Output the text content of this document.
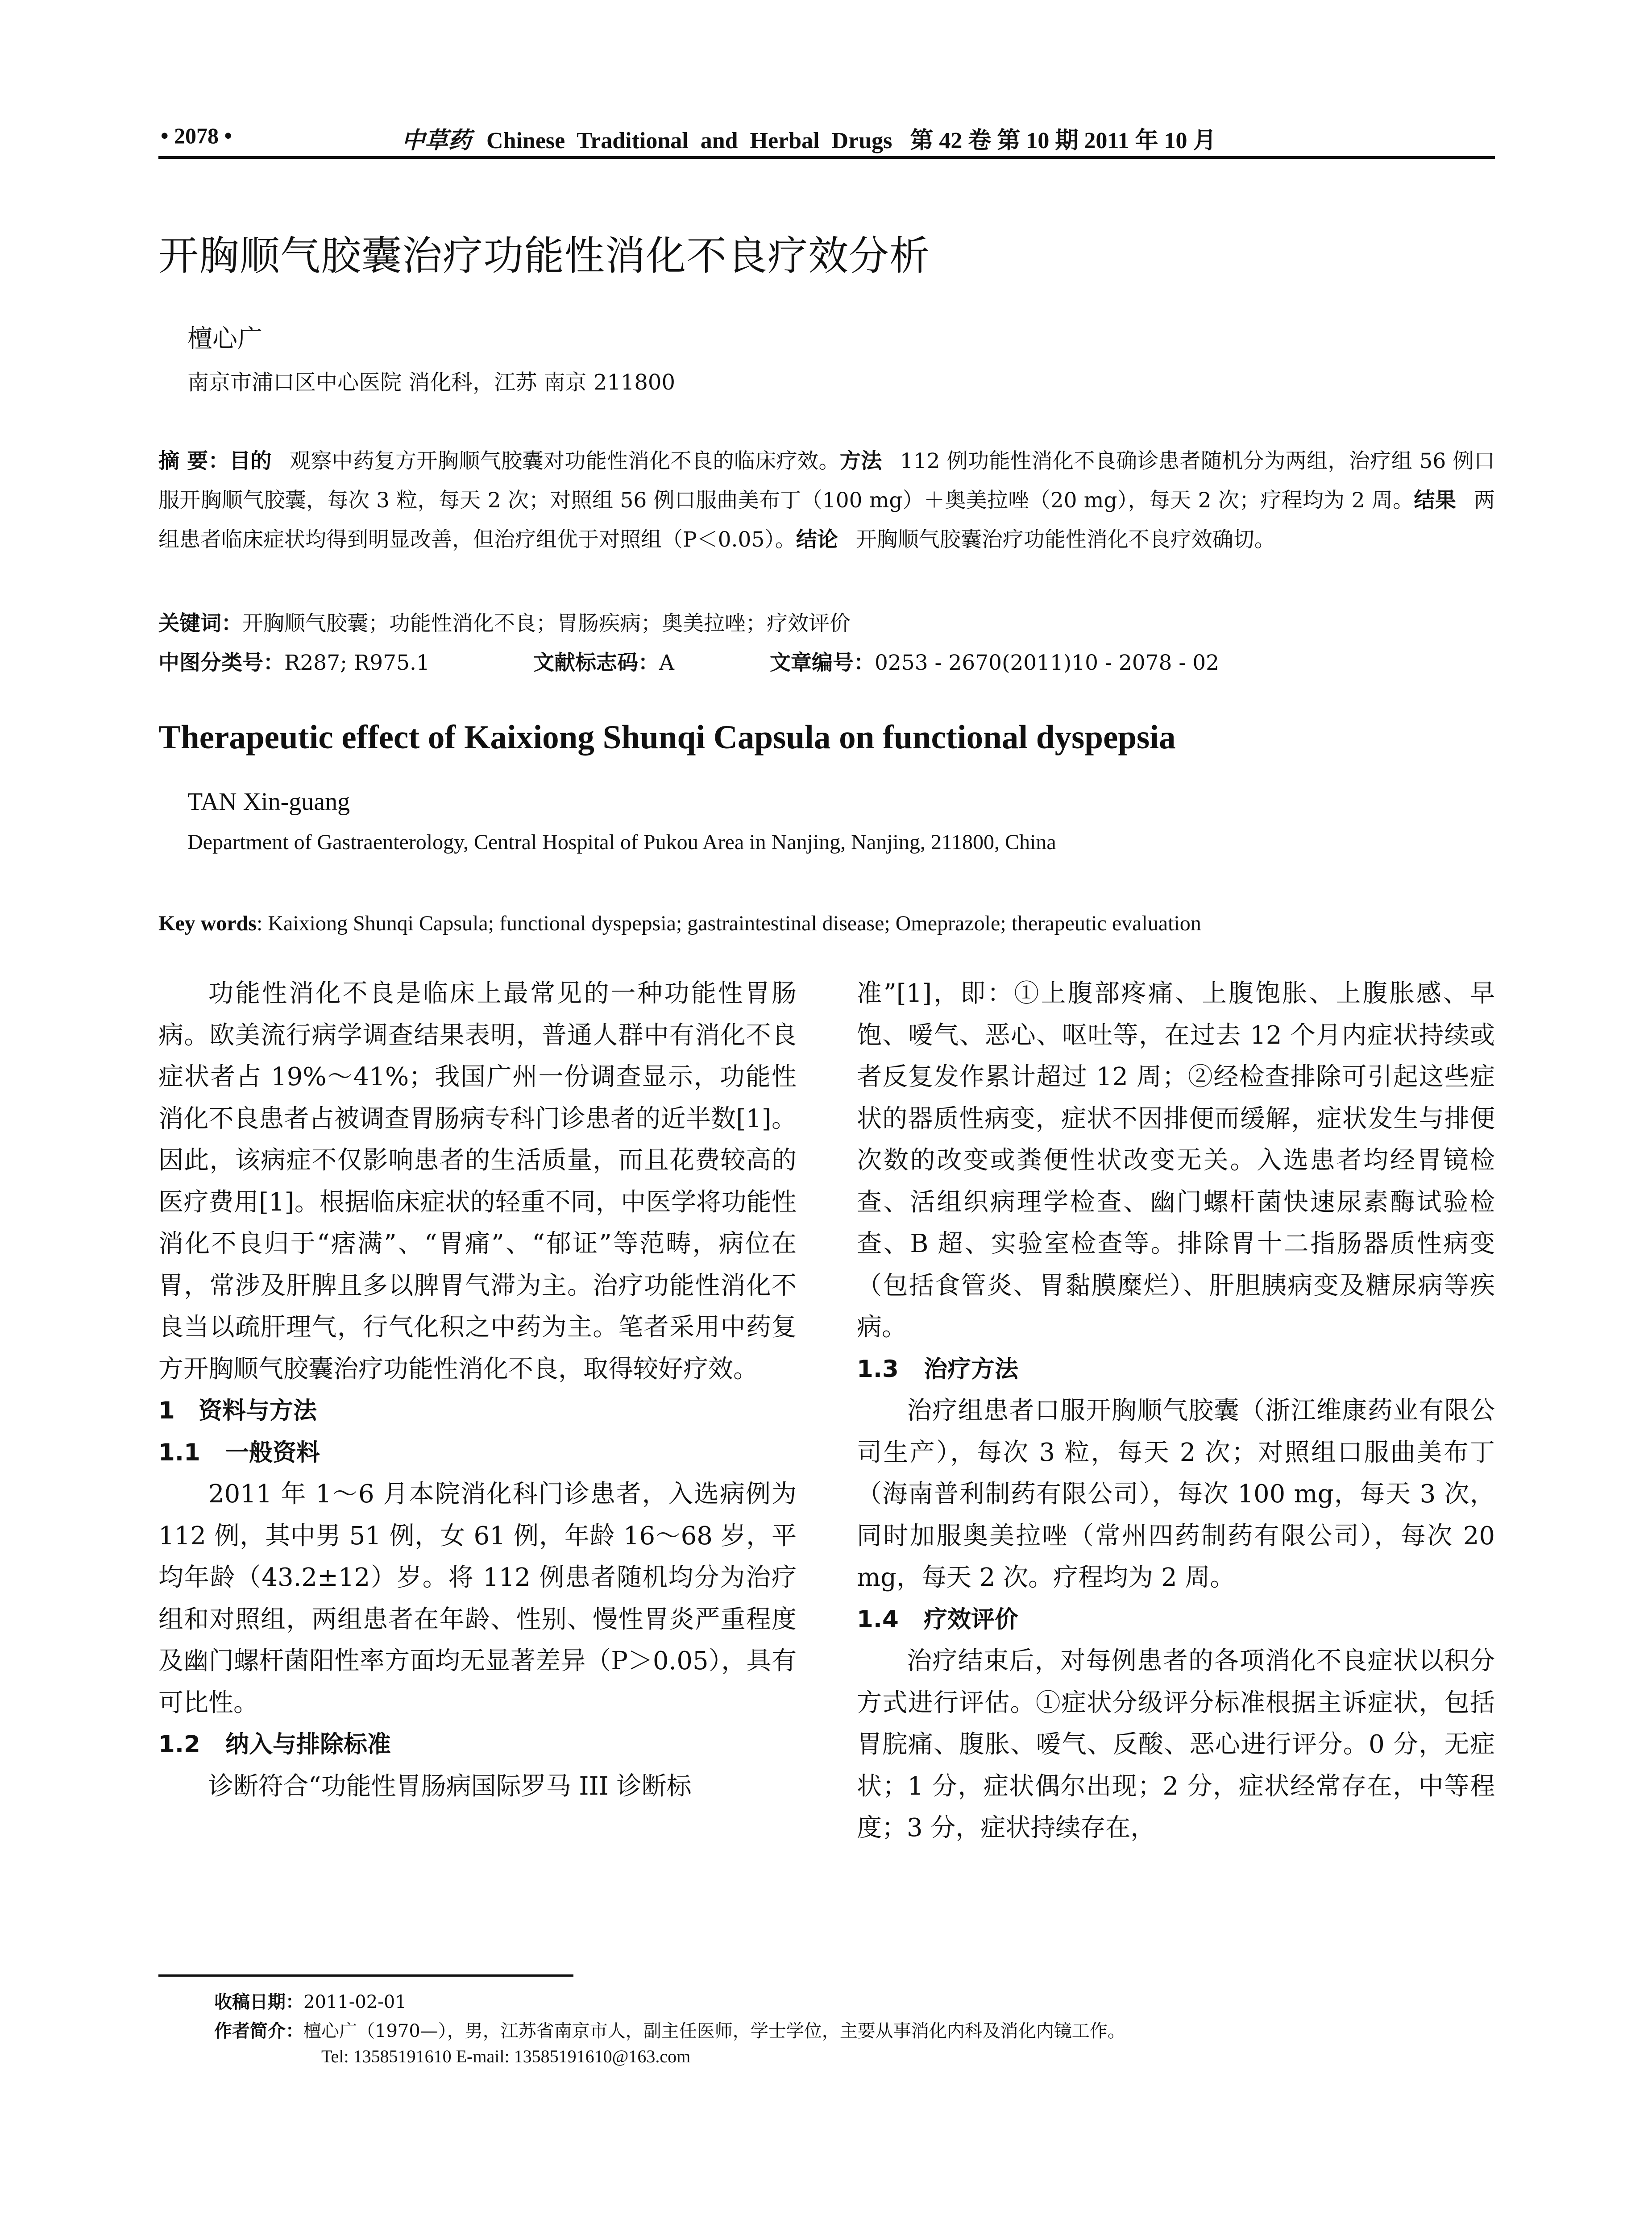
• 2078 •	中草药 Chinese Traditional and Herbal Drugs 第 42 卷 第 10 期 2011 年 10 月
开胸顺气胶囊治疗功能性消化不良疗效分析
檀心广
南京市浦口区中心医院 消化科，江苏 南京 211800
摘 要：目的 观察中药复方开胸顺气胶囊对功能性消化不良的临床疗效。方法 112 例功能性消化不良确诊患者随机分为两组，治疗组 56 例口服开胸顺气胶囊，每次 3 粒，每天 2 次；对照组 56 例口服曲美布丁（100 mg）＋奥美拉唑（20 mg），每天 2 次；疗程均为 2 周。结果 两组患者临床症状均得到明显改善，但治疗组优于对照组（P＜0.05）。结论 开胸顺气胶囊治疗功能性消化不良疗效确切。
关键词：开胸顺气胶囊；功能性消化不良；胃肠疾病；奥美拉唑；疗效评价
中图分类号：R287; R975.1	文献标志码：A	文章编号：0253 - 2670(2011)10 - 2078 - 02
Therapeutic effect of Kaixiong Shunqi Capsula on functional dyspepsia
TAN Xin-guang
Department of Gastraenterology, Central Hospital of Pukou Area in Nanjing, Nanjing, 211800, China
Key words: Kaixiong Shunqi Capsula; functional dyspepsia; gastraintestinal disease; Omeprazole; therapeutic evaluation

功能性消化不良是临床上最常见的一种功能性胃肠病。欧美流行病学调查结果表明，普通人群中有消化不良症状者占 19%～41%；我国广州一份调查显示，功能性消化不良患者占被调查胃肠病专科门诊患者的近半数[1]。因此，该病症不仅影响患者的生活质量，而且花费较高的医疗费用[1]。根据临床症状的轻重不同，中医学将功能性消化不良归于“痞满”、“胃痛”、“郁证”等范畴，病位在胃，常涉及肝脾且多以脾胃气滞为主。治疗功能性消化不良当以疏肝理气，行气化积之中药为主。笔者采用中药复方开胸顺气胶囊治疗功能性消化不良，取得较好疗效。

1 资料与方法
1.1 一般资料

2011 年 1～6 月本院消化科门诊患者，入选病例为 112 例，其中男 51 例，女 61 例，年龄 16～68 岁，平均年龄（43.2±12）岁。将 112 例患者随机均分为治疗组和对照组，两组患者在年龄、性别、慢性胃炎严重程度及幽门螺杆菌阳性率方面均无显著差异（P＞0.05），具有可比性。

1.2 纳入与排除标准

诊断符合“功能性胃肠病国际罗马 III 诊断标

准”[1]，即：①上腹部疼痛、上腹饱胀、上腹胀感、早饱、嗳气、恶心、呕吐等，在过去 12 个月内症状持续或者反复发作累计超过 12 周；②经检查排除可引起这些症状的器质性病变，症状不因排便而缓解，症状发生与排便次数的改变或粪便性状改变无关。入选患者均经胃镜检查、活组织病理学检查、幽门螺杆菌快速尿素酶试验检查、B 超、实验室检查等。排除胃十二指肠器质性病变（包括食管炎、胃黏膜糜烂）、肝胆胰病变及糖尿病等疾病。

1.3 治疗方法

治疗组患者口服开胸顺气胶囊（浙江维康药业有限公司生产），每次 3 粒，每天 2 次；对照组口服曲美布丁（海南普利制药有限公司），每次 100 mg，每天 3 次，同时加服奥美拉唑（常州四药制药有限公司），每次 20 mg，每天 2 次。疗程均为 2 周。

1.4 疗效评价

治疗结束后，对每例患者的各项消化不良症状以积分方式进行评估。①症状分级评分标准根据主诉症状，包括胃脘痛、腹胀、嗳气、反酸、恶心进行评分。0 分，无症状；1 分，症状偶尔出现；2 分，症状经常存在，中等程度；3 分，症状持续存在，

收稿日期：2011-02-01
作者简介：檀心广（1970—），男，江苏省南京市人，副主任医师，学士学位，主要从事消化内科及消化内镜工作。
Tel: 13585191610 E-mail: 13585191610@163.com
